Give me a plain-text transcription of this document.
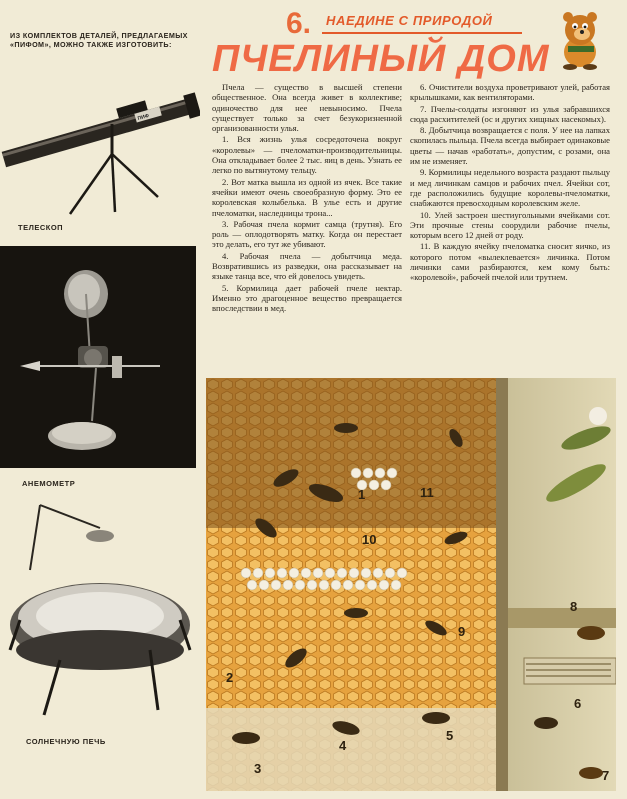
ИЗ КОМПЛЕКТОВ ДЕТАЛЕЙ, ПРЕДЛАГАЕМЫХ «ПИФОМ», МОЖНО ТАКЖЕ ИЗГОТОВИТЬ:
ПИФ
ТЕЛЕСКОП
АНЕМОМЕТР
СОЛНЕЧНУЮ ПЕЧЬ
6. НАЕДИНЕ С ПРИРОДОЙ
ПЧЕЛИНЫЙ ДОМ

Пчела — существо в высшей степени общественное. Она всегда живет в коллективе; одиночество для нее невыносимо. Пчела существует только за счет безукоризненной организованности улья.

1. Вся жизнь улья сосредоточена вокруг «королевы» — пчеломатки-производительницы. Она откладывает более 2 тыс. яиц в день. Узнать ее легко по вытянутому тельцу.

2. Вот матка вышла из одной из ячек. Все такие ячейки имеют очень своеобразную форму. Это ее королевская колыбелька. В улье есть и другие пчеломатки, наследницы трона...

3. Рабочая пчела кормит самца (трутня). Его роль — оплодотворять матку. Когда он перестает это делать, его тут же убивают.

4. Рабочая пчела — добытчица меда. Возвратившись из разведки, она рассказывает на языке танца все, что ей довелось увидеть.

5. Кормилица дает рабочей пчеле нектар. Именно это драгоценное вещество превращается впоследствии в мед.

6. Очистители воздуха проветривают улей, работая крылышками, как вентиляторами.

7. Пчелы-солдаты изгоняют из улья забравшихся сюда расхитителей (ос и других хищных насекомых).

8. Добытчица возвращается с поля. У нее на лапках скопилась пыльца. Пчела всегда выбирает одинаковые цветы — начав «работать», допустим, с розами, она им не изменяет.

9. Кормилицы недельного возраста раздают пыльцу и мед личинкам самцов и рабочих пчел. Ячейки сот, где расположились будущие королевы-пчеломатки, снабжаются превосходным королевским желе.

10. Улей застроен шестиугольными ячейками сот. Эти прочные стены соорудили рабочие пчелы, которым всего 12 дней от роду.

11. В каждую ячейку пчеломатка сносит яичко, из которого потом «вылеклевается» личинка. Потом личинки сами разбираются, кем кому быть: «королевой», рабочей пчелой или трутнем.

1
2
3
4
5
6
7
8
9
10
11
